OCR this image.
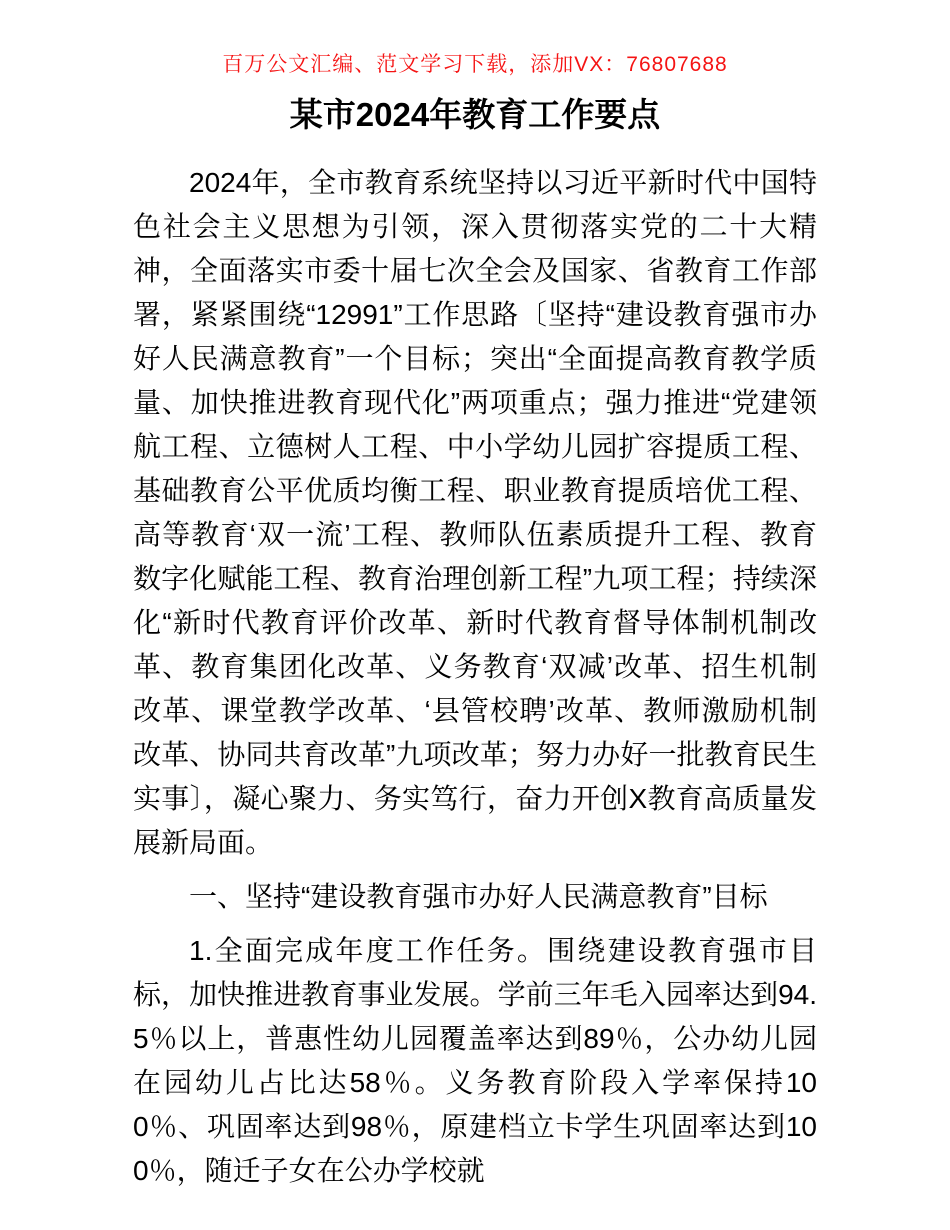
百万公文汇编、范文学习下载，添加VX：76807688
某市2024年教育工作要点

2024年，全市教育系统坚持以习近平新时代中国特色社会主义思想为引领，深入贯彻落实党的二十大精神，全面落实市委十届七次全会及国家、省教育工作部署，紧紧围绕“12991”工作思路〔坚持“建设教育强市办好人民满意教育”一个目标；突出“全面提高教育教学质量、加快推进教育现代化”两项重点；强力推进“党建领航工程、立德树人工程、中小学幼儿园扩容提质工程、基础教育公平优质均衡工程、职业教育提质培优工程、高等教育‘双一流’工程、教师队伍素质提升工程、教育数字化赋能工程、教育治理创新工程”九项工程；持续深化“新时代教育评价改革、新时代教育督导体制机制改革、教育集团化改革、义务教育‘双减’改革、招生机制改革、课堂教学改革、‘县管校聘’改革、教师激励机制改革、协同共育改革”九项改革；努力办好一批教育民生实事〕，凝心聚力、务实笃行，奋力开创X教育高质量发展新局面。

一、坚持“建设教育强市办好人民满意教育”目标

1.全面完成年度工作任务。围绕建设教育强市目标，加快推进教育事业发展。学前三年毛入园率达到94.5％以上，普惠性幼儿园覆盖率达到89％，公办幼儿园在园幼儿占比达58％。义务教育阶段入学率保持100％、巩固率达到98％，原建档立卡学生巩固率达到100％，随迁子女在公办学校就
